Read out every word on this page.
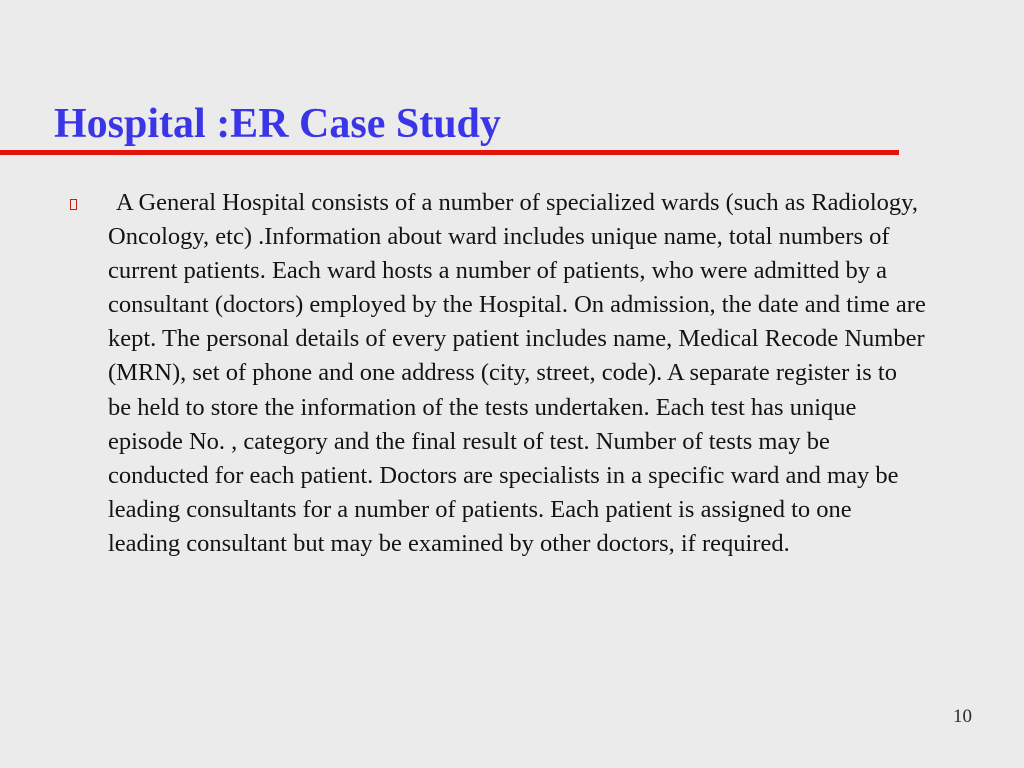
Hospital :ER Case Study
A General Hospital consists of a number of specialized wards (such as Radiology, Oncology, etc) .Information about ward includes unique name, total numbers of current patients. Each ward hosts a number of patients, who were admitted by a consultant (doctors) employed by the Hospital. On admission, the date and time are kept. The personal details of every patient includes name, Medical Recode Number (MRN), set of phone and one address (city, street, code). A separate register is to be held to store the information of the tests undertaken. Each test has unique episode No. , category and the final result of test. Number of tests may be conducted for each patient. Doctors are specialists in a specific ward and may be leading consultants for a number of patients. Each patient is assigned to one leading consultant but may be examined by other doctors, if required.
10
